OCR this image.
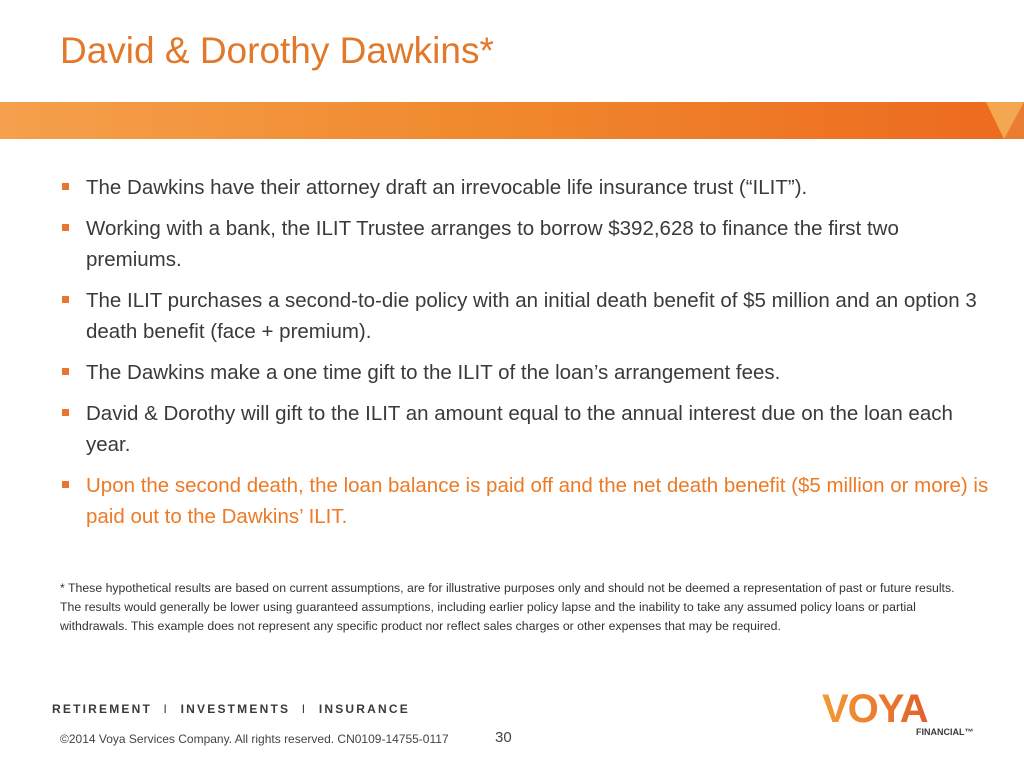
David & Dorothy Dawkins*
The Dawkins have their attorney draft an irrevocable life insurance trust (“ILIT”).
Working with a bank, the ILIT Trustee arranges to borrow $392,628 to finance the first two premiums.
The ILIT purchases a second-to-die policy with an initial death benefit of $5 million and an option 3 death benefit (face + premium).
The Dawkins make a one time gift to the ILIT of the loan’s arrangement fees.
David & Dorothy will gift to the ILIT an amount equal to the annual interest due on the loan each year.
Upon the second death, the loan balance is paid off and the net death benefit ($5 million or more) is paid out to the Dawkins’ ILIT.

* These hypothetical results are based on current assumptions, are for illustrative purposes only and should not be deemed a representation of past or future results. The results would generally be lower using guaranteed assumptions, including earlier policy lapse and the inability to take any assumed policy loans or partial withdrawals. This example does not represent any specific product nor reflect sales charges or other expenses that may be required.

RETIREMENT I INVESTMENTS I INSURANCE
©2014 Voya Services Company. All rights reserved. CN0109-14755-0117	30
VOYA
FINANCIAL™
